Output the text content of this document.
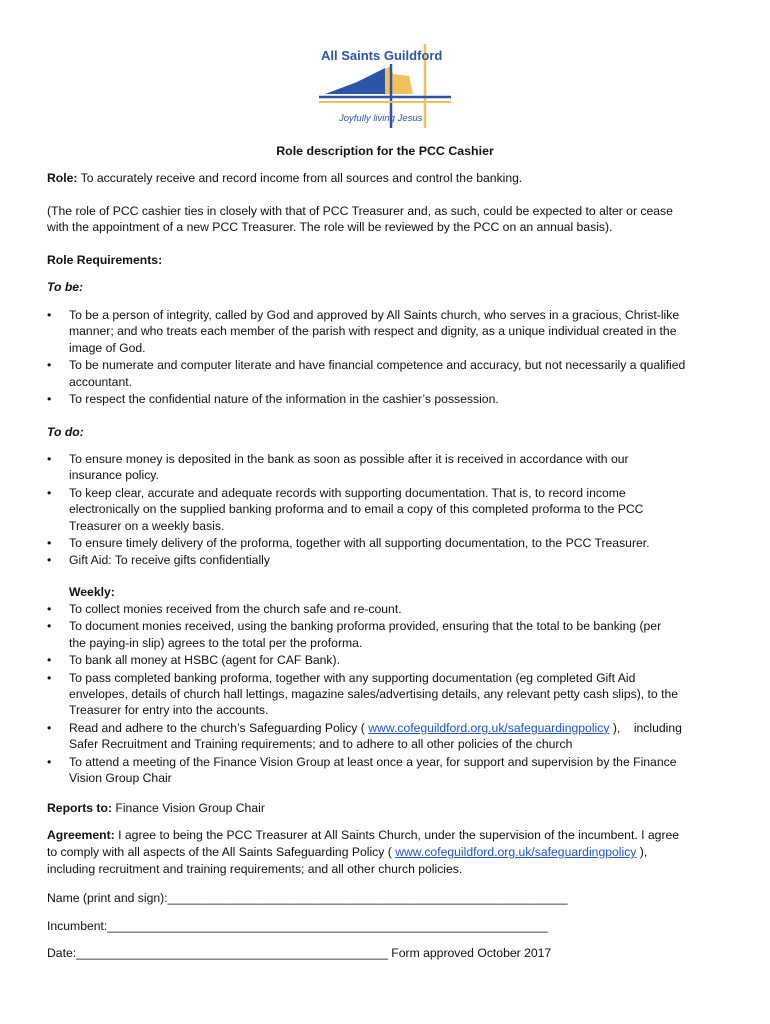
All Saints Guildford
Joyfully living Jesus
Role description for the PCC Cashier
Role: To accurately receive and record income from all sources and control the banking.
(The role of PCC cashier ties in closely with that of PCC Treasurer and, as such, could be expected to alter or cease
with the appointment of a new PCC Treasurer. The role will be reviewed by the PCC on an annual basis).
Role Requirements:
To be:
• To be a person of integrity, called by God and approved by All Saints church, who serves in a gracious, Christ-like
manner; and who treats each member of the parish with respect and dignity, as a unique individual created in the
image of God.
• To be numerate and computer literate and have financial competence and accuracy, but not necessarily a qualified
accountant.
• To respect the confidential nature of the information in the cashier’s possession.
To do:
• To ensure money is deposited in the bank as soon as possible after it is received in accordance with our
insurance policy.
• To keep clear, accurate and adequate records with supporting documentation. That is, to record income
electronically on the supplied banking proforma and to email a copy of this completed proforma to the PCC
Treasurer on a weekly basis.
• To ensure timely delivery of the proforma, together with all supporting documentation, to the PCC Treasurer.
• Gift Aid: To receive gifts confidentially
Weekly:
• To collect monies received from the church safe and re-count.
• To document monies received, using the banking proforma provided, ensuring that the total to be banking (per
the paying-in slip) agrees to the total per the proforma.
• To bank all money at HSBC (agent for CAF Bank).
• To pass completed banking proforma, together with any supporting documentation (eg completed Gift Aid
envelopes, details of church hall lettings, magazine sales/advertising details, any relevant petty cash slips), to the
Treasurer for entry into the accounts.
• Read and adhere to the church’s Safeguarding Policy ( www.cofeguildford.org.uk/safeguardingpolicy ),    including
Safer Recruitment and Training requirements; and to adhere to all other policies of the church
• To attend a meeting of the Finance Vision Group at least once a year, for support and supervision by the Finance
Vision Group Chair
Reports to: Finance Vision Group Chair
Agreement: I agree to being the PCC Treasurer at All Saints Church, under the supervision of the incumbent. I agree
to comply with all aspects of the All Saints Safeguarding Policy ( www.cofeguildford.org.uk/safeguardingpolicy ),
including recruitment and training requirements; and all other church policies.
Name (print and sign):___________________________________________________________
Incumbent:_________________________________________________________________
Date:______________________________________________ Form approved October 2017
